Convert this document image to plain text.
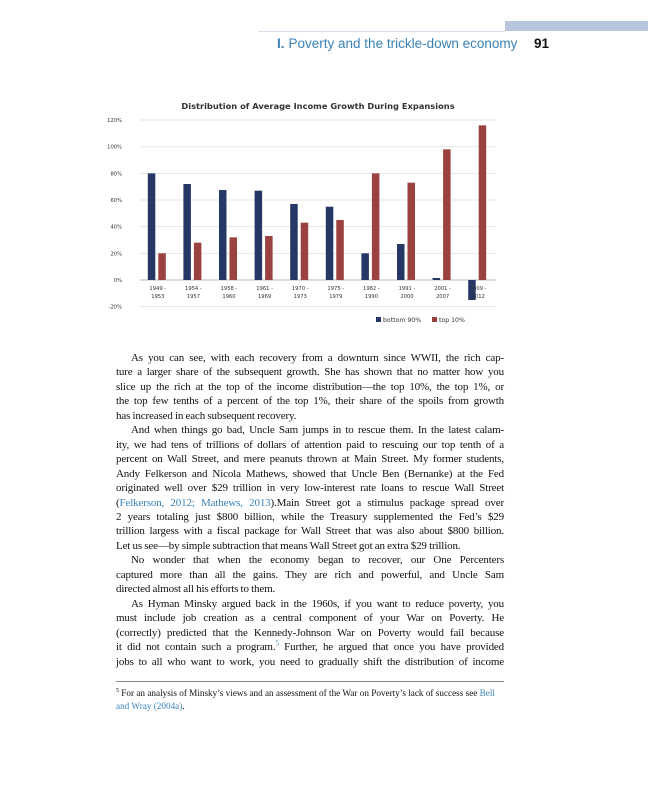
I. Poverty and the trickle-down economy 91
Distribution of Average Income Growth During Expansions
120%
100%
80%
60%
40%
20%
0%
-20%
1949 -
1953
1954 -
1957
1958 -
1960
1961 -
1969
1970 -
1973
1975 -
1979
1982 -
1990
1991 -
2000
2001 -
2007
2009 -
2012
bottom 90%	top 10%
As you can see, with each recovery from a downturn since WWII, the rich cap-
ture a larger share of the subsequent growth. She has shown that no matter how you
slice up the rich at the top of the income distribution—the top 10%, the top 1%, or
the top few tenths of a percent of the top 1%, their share of the spoils from growth
has increased in each subsequent recovery.
And when things go bad, Uncle Sam jumps in to rescue them. In the latest calam-
ity, we had tens of trillions of dollars of attention paid to rescuing our top tenth of a
percent on Wall Street, and mere peanuts thrown at Main Street. My former students,
Andy Felkerson and Nicola Mathews, showed that Uncle Ben (Bernanke) at the Fed
originated well over $29 trillion in very low-interest rate loans to rescue Wall Street
(Felkerson, 2012; Mathews, 2013).Main Street got a stimulus package spread over
2 years totaling just $800 billion, while the Treasury supplemented the Fed’s $29
trillion largess with a fiscal package for Wall Street that was also about $800 billion.
Let us see—by simple subtraction that means Wall Street got an extra $29 trillion.
No wonder that when the economy began to recover, our One Percenters
captured more than all the gains. They are rich and powerful, and Uncle Sam
directed almost all his efforts to them.
As Hyman Minsky argued back in the 1960s, if you want to reduce poverty, you
must include job creation as a central component of your War on Poverty. He
(correctly) predicted that the Kennedy-Johnson War on Poverty would fail because
it did not contain such a program.$^5$ Further, he argued that once you have provided
jobs to all who want to work, you need to gradually shift the distribution of income
$^5$ For an analysis of Minsky’s views and an assessment of the War on Poverty’s lack of success see Bell and Wray (2004a).
